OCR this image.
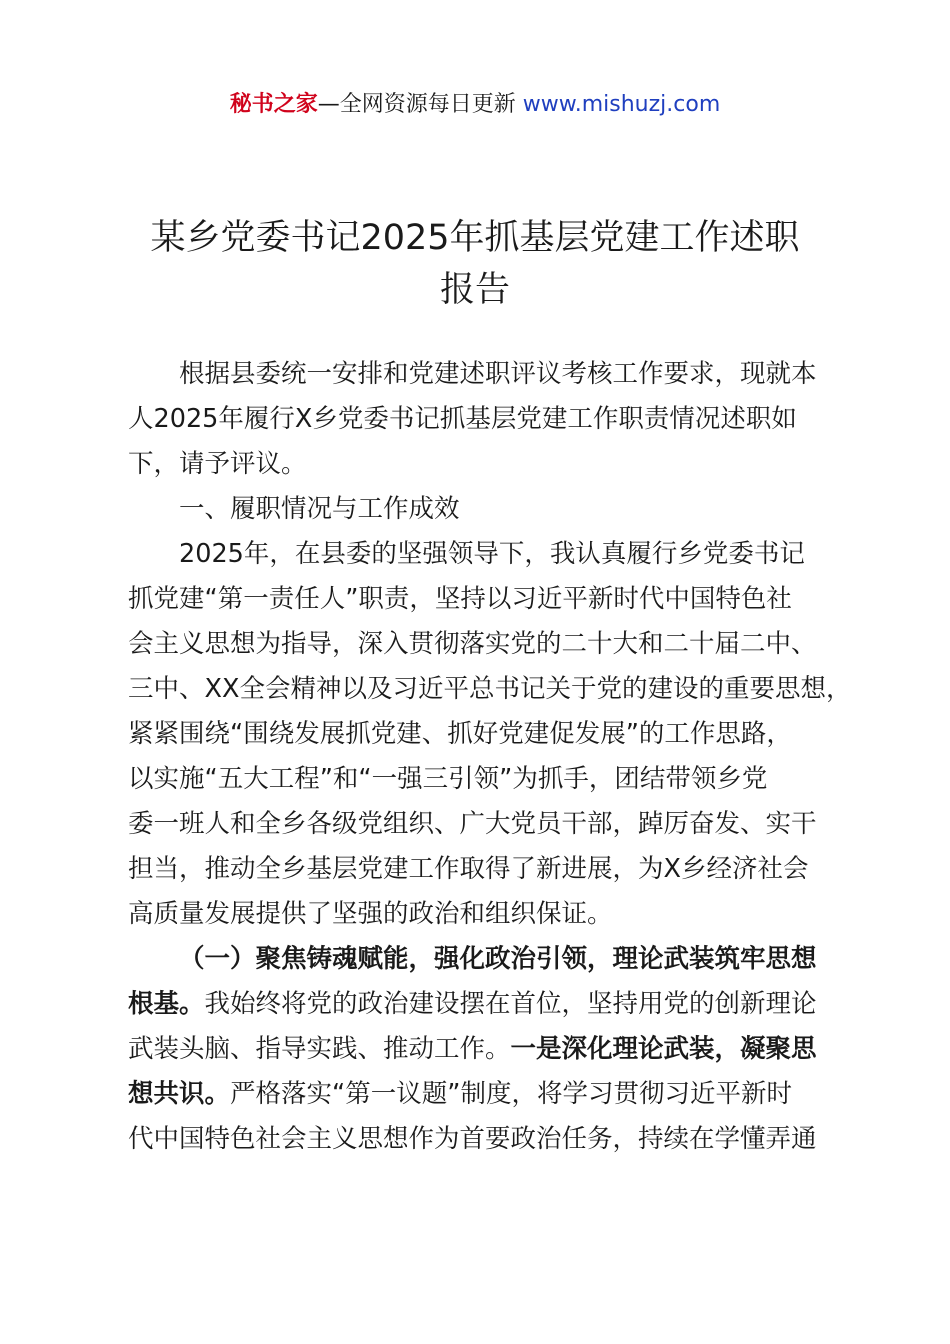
秘书之家—全网资源每日更新 www.mishuzj.com
某乡党委书记2025年抓基层党建工作述职
报告
根据县委统一安排和党建述职评议考核工作要求，现就本
人2025年履行X乡党委书记抓基层党建工作职责情况述职如
下，请予评议。
一、履职情况与工作成效
2025年，在县委的坚强领导下，我认真履行乡党委书记
抓党建“第一责任人”职责，坚持以习近平新时代中国特色社
会主义思想为指导，深入贯彻落实党的二十大和二十届二中、
三中、XX全会精神以及习近平总书记关于党的建设的重要思想，
紧紧围绕“围绕发展抓党建、抓好党建促发展”的工作思路，
以实施“五大工程”和“一强三引领”为抓手，团结带领乡党
委一班人和全乡各级党组织、广大党员干部，踔厉奋发、实干
担当，推动全乡基层党建工作取得了新进展，为X乡经济社会
高质量发展提供了坚强的政治和组织保证。
（一）聚焦铸魂赋能，强化政治引领，理论武装筑牢思想
根基。我始终将党的政治建设摆在首位，坚持用党的创新理论
武装头脑、指导实践、推动工作。一是深化理论武装，凝聚思
想共识。严格落实“第一议题”制度，将学习贯彻习近平新时
代中国特色社会主义思想作为首要政治任务，持续在学懂弄通
